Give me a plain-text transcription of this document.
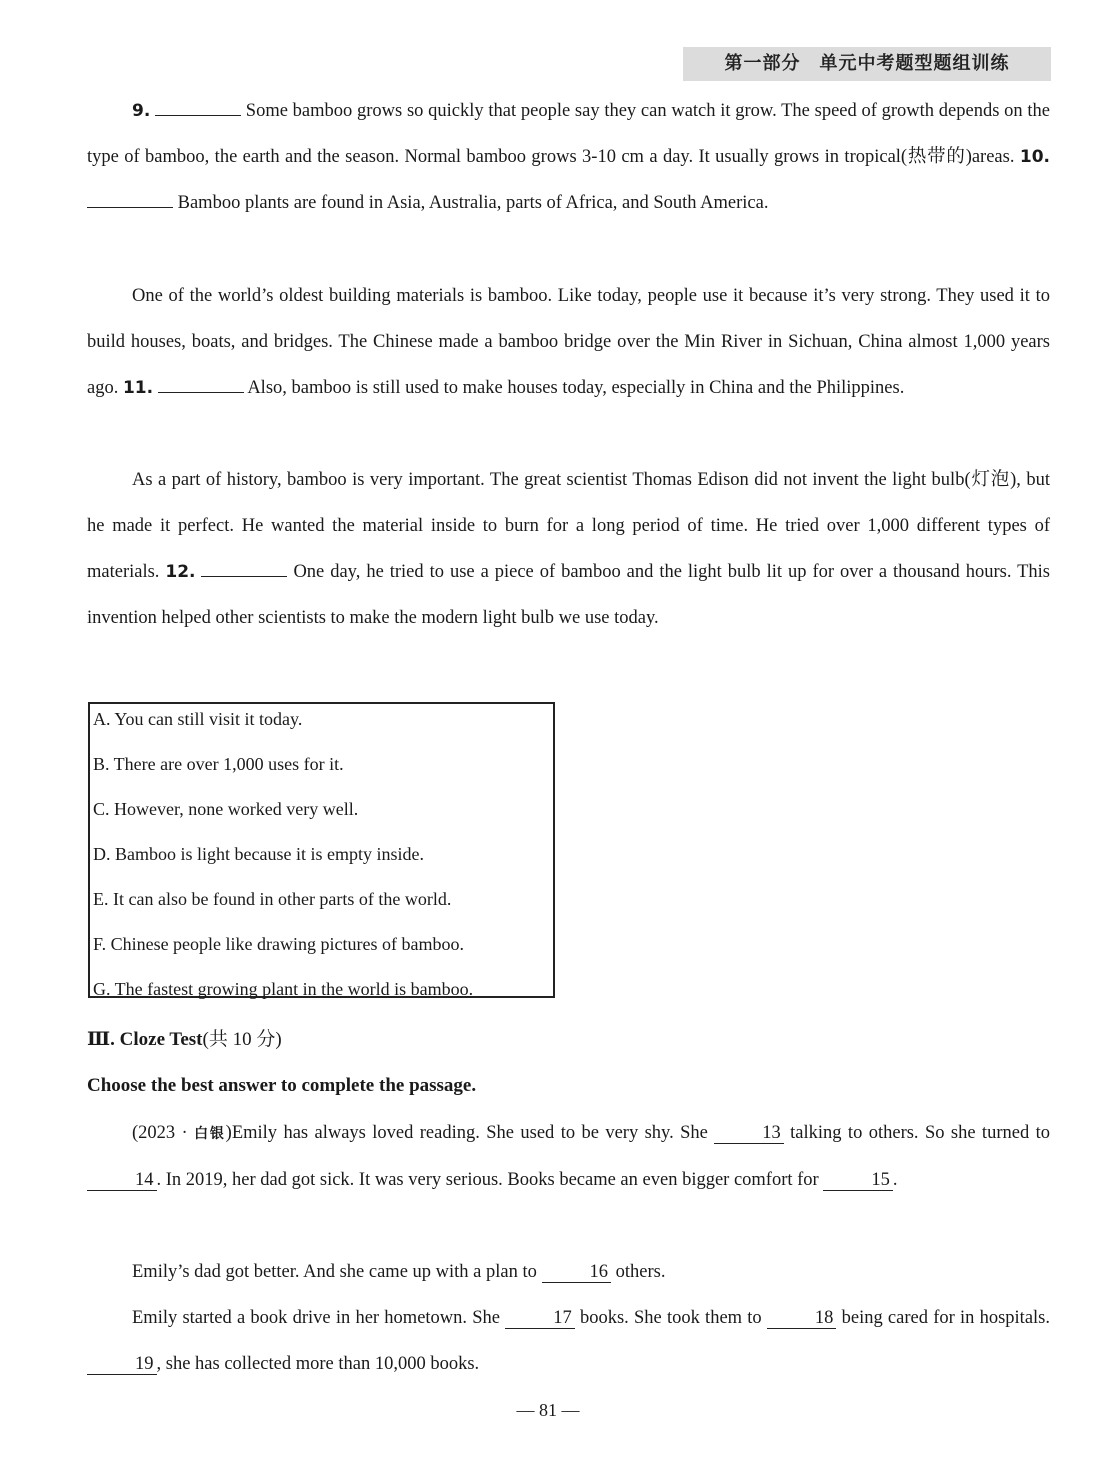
第一部分　单元中考题型题组训练

9.	Some bamboo grows so quickly that people say they can watch it grow. The speed of growth depends on the type of bamboo, the earth and the season. Normal bamboo grows 3-10 cm a day. It usually grows in tropical(热带的)areas. 10.  Bamboo plants are found in Asia, Australia, parts of Africa, and South America.

One of the world’s oldest building materials is bamboo. Like today, people use it because it’s very strong. They used it to build houses, boats, and bridges. The Chinese made a bamboo bridge over the Min River in Sichuan, China almost 1,000 years ago. 11.	Also, bamboo is still used to make houses today, especially in China and the Philippines.

As a part of history, bamboo is very important. The great scientist Thomas Edison did not invent the light bulb(灯泡), but he made it perfect. He wanted the material inside to burn for a long period of time. He tried over 1,000 different types of materials. 12.	One day, he tried to use a piece of bamboo and the light bulb lit up for over a thousand hours. This invention helped other scientists to make the modern light bulb we use today.

A. You can still visit it today.
B. There are over 1,000 uses for it.
C. However, none worked very well.
D. Bamboo is light because it is empty inside.
E. It can also be found in other parts of the world.
F. Chinese people like drawing pictures of bamboo.
G. The fastest growing plant in the world is bamboo.
Ⅲ. Cloze Test(共 10 分)
Choose the best answer to complete the passage.

(2023 · 白银)Emily has always loved reading. She used to be very shy. She	13 talking to others. So she turned to 14 . In 2019, her dad got sick. It was very serious. Books became an even bigger comfort for	15 .

Emily’s dad got better. And she came up with a plan to	16 others.

Emily started a book drive in her hometown. She	17 books. She took them to	18 being cared for in hospitals. 19 , she has collected more than 10,000 books.

— 81 —
